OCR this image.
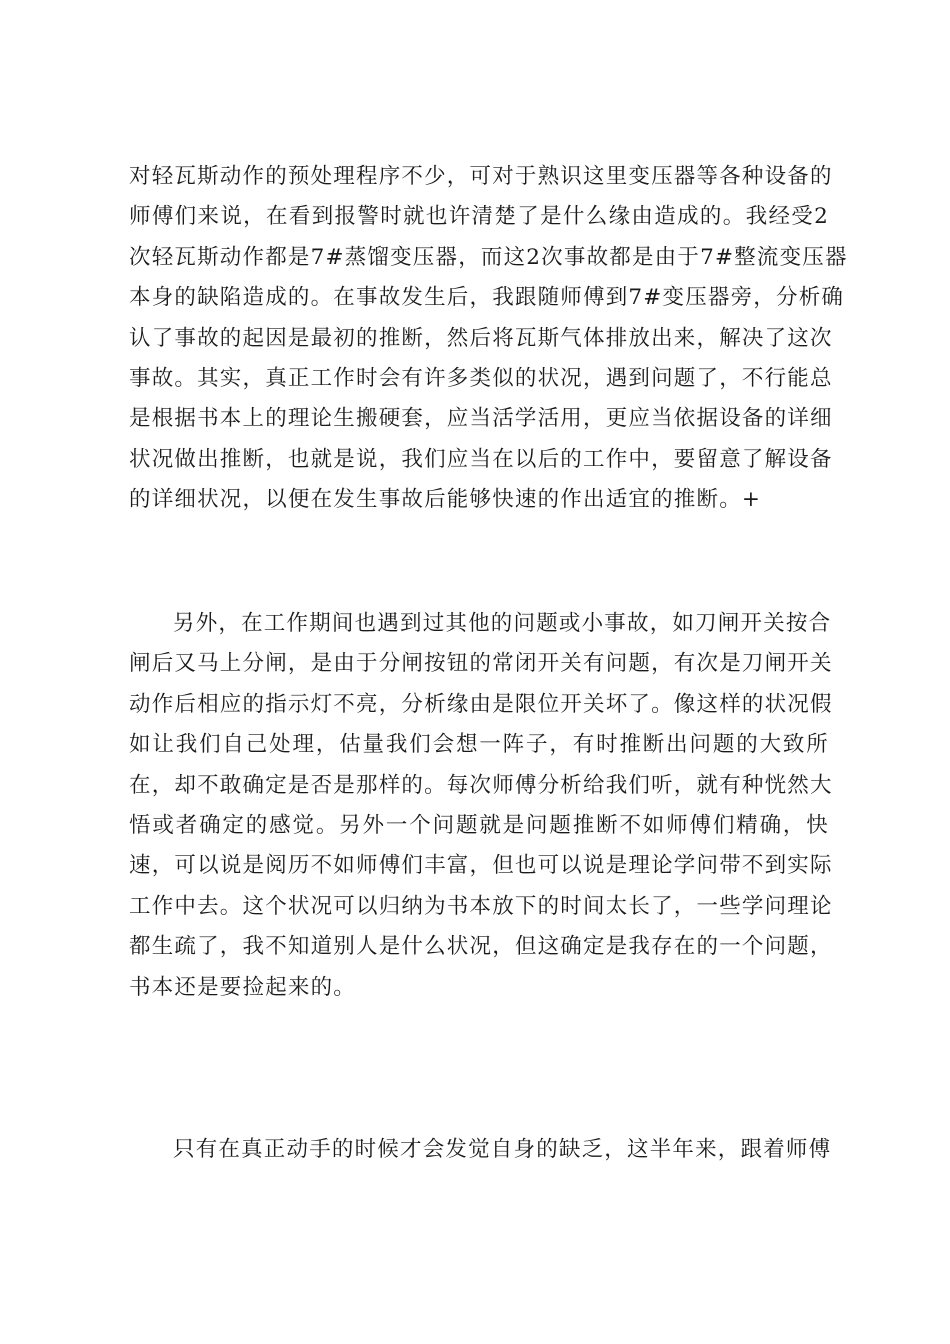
对轻瓦斯动作的预处理程序不少，可对于熟识这里变压器等各种设备的
师傅们来说，在看到报警时就也许清楚了是什么缘由造成的。我经受2
次轻瓦斯动作都是7#蒸馏变压器，而这2次事故都是由于7#整流变压器
本身的缺陷造成的。在事故发生后，我跟随师傅到7#变压器旁，分析确
认了事故的起因是最初的推断，然后将瓦斯气体排放出来，解决了这次
事故。其实，真正工作时会有许多类似的状况，遇到问题了，不行能总
是根据书本上的理论生搬硬套，应当活学活用，更应当依据设备的详细
状况做出推断，也就是说，我们应当在以后的工作中，要留意了解设备
的详细状况，以便在发生事故后能够快速的作出适宜的推断。+
另外，在工作期间也遇到过其他的问题或小事故，如刀闸开关按合
闸后又马上分闸，是由于分闸按钮的常闭开关有问题，有次是刀闸开关
动作后相应的指示灯不亮，分析缘由是限位开关坏了。像这样的状况假
如让我们自己处理，估量我们会想一阵子，有时推断出问题的大致所
在，却不敢确定是否是那样的。每次师傅分析给我们听，就有种恍然大
悟或者确定的感觉。另外一个问题就是问题推断不如师傅们精确，快
速，可以说是阅历不如师傅们丰富，但也可以说是理论学问带不到实际
工作中去。这个状况可以归纳为书本放下的时间太长了，一些学问理论
都生疏了，我不知道别人是什么状况，但这确定是我存在的一个问题，
书本还是要捡起来的。
只有在真正动手的时候才会发觉自身的缺乏，这半年来，跟着师傅
